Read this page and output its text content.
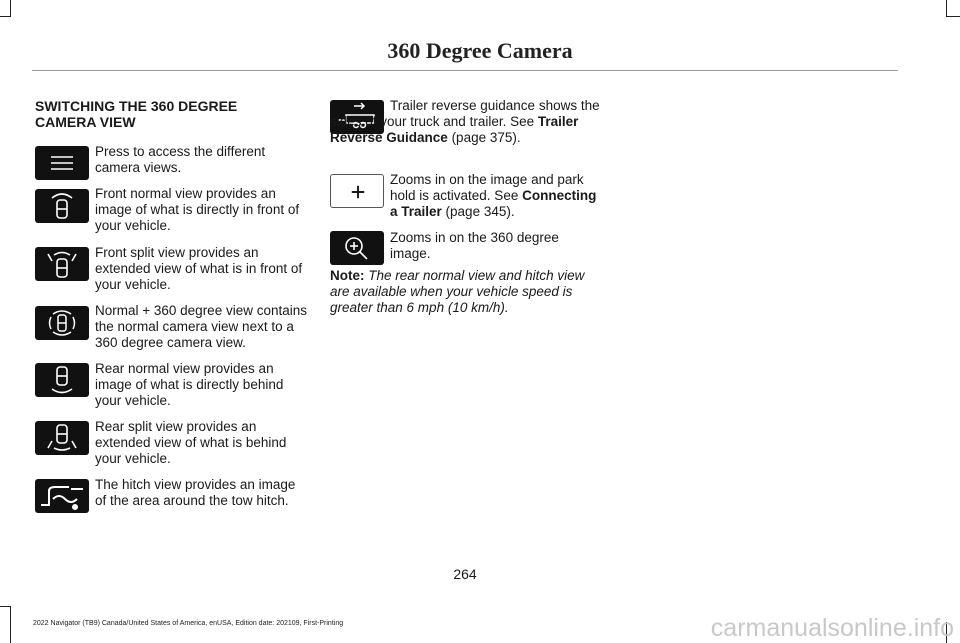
360 Degree Camera
SWITCHING THE 360 DEGREE CAMERA VIEW
Press to access the different camera views.
Front normal view provides an image of what is directly in front of your vehicle.
Front split view provides an extended view of what is in front of your vehicle.
Normal + 360 degree view contains the normal camera view next to a 360 degree camera view.
Rear normal view provides an image of what is directly behind your vehicle.
Rear split view provides an extended view of what is behind your vehicle.
The hitch view provides an image of the area around the tow hitch.
Trailer reverse guidance shows the sides of your truck and trailer. See Trailer Reverse Guidance (page 375).
Zooms in on the image and park hold is activated. See Connecting a Trailer (page 345).
Zooms in on the 360 degree image.
Note: The rear normal view and hitch view are available when your vehicle speed is greater than 6 mph (10 km/h).
264
2022 Navigator (TB9) Canada/United States of America, enUSA, Edition date: 202109, First-Printing	carmanualsonline.info
